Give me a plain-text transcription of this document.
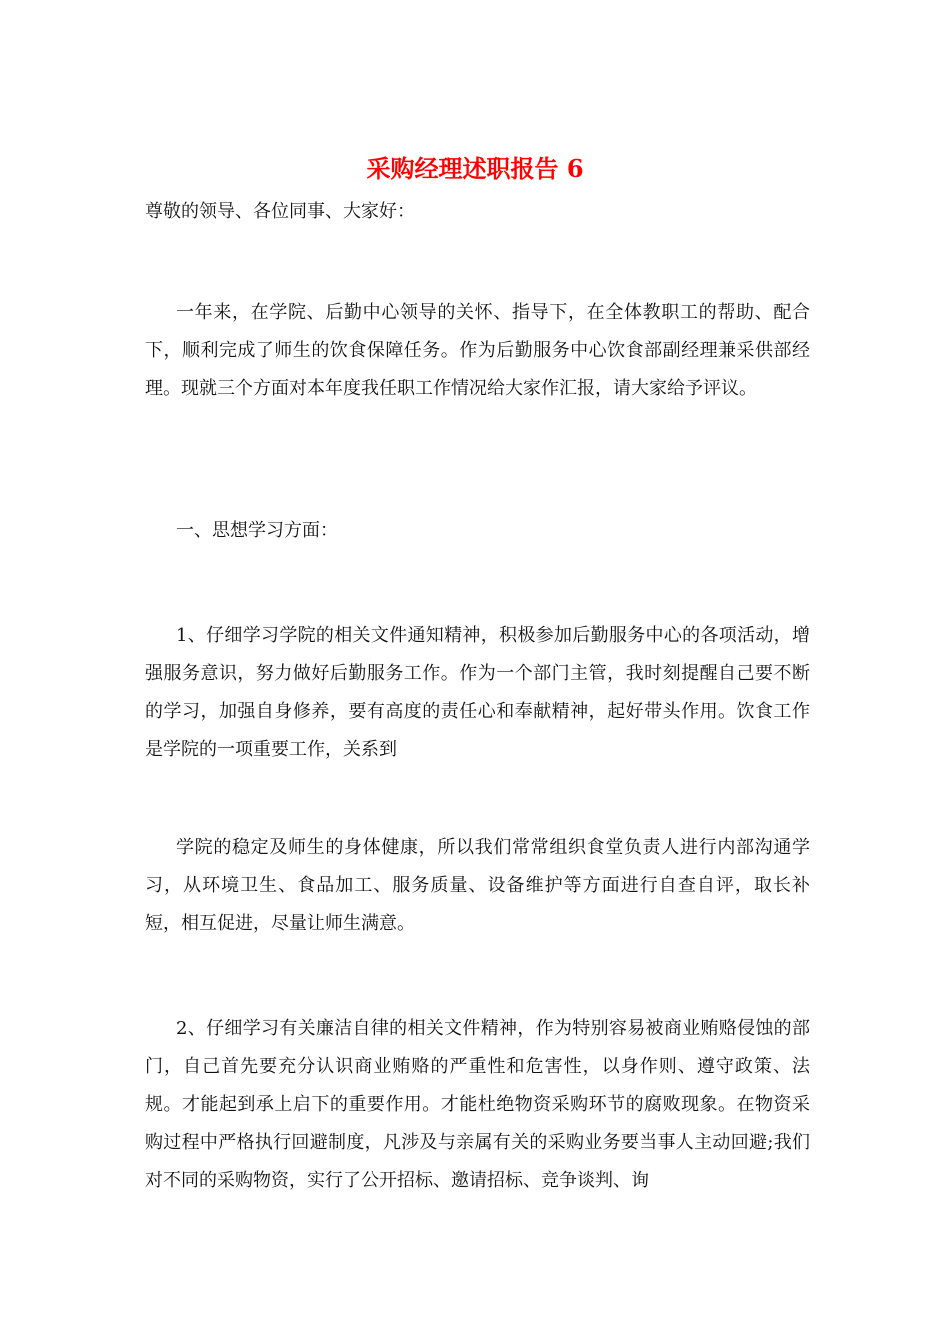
采购经理述职报告 6
尊敬的领导、各位同事、大家好：
一年来，在学院、后勤中心领导的关怀、指导下，在全体教职工的帮助、配合下，顺利完成了师生的饮食保障任务。作为后勤服务中心饮食部副经理兼采供部经理。现就三个方面对本年度我任职工作情况给大家作汇报，请大家给予评议。
一、思想学习方面：
1、仔细学习学院的相关文件通知精神，积极参加后勤服务中心的各项活动，增强服务意识，努力做好后勤服务工作。作为一个部门主管，我时刻提醒自己要不断的学习，加强自身修养，要有高度的责任心和奉献精神，起好带头作用。饮食工作是学院的一项重要工作，关系到
学院的稳定及师生的身体健康，所以我们常常组织食堂负责人进行内部沟通学习，从环境卫生、食品加工、服务质量、设备维护等方面进行自查自评，取长补短，相互促进，尽量让师生满意。
2、仔细学习有关廉洁自律的相关文件精神，作为特别容易被商业贿赂侵蚀的部门，自己首先要充分认识商业贿赂的严重性和危害性，以身作则、遵守政策、法规。才能起到承上启下的重要作用。才能杜绝物资采购环节的腐败现象。在物资采购过程中严格执行回避制度，凡涉及与亲属有关的采购业务要当事人主动回避;我们对不同的采购物资，实行了公开招标、邀请招标、竞争谈判、询
